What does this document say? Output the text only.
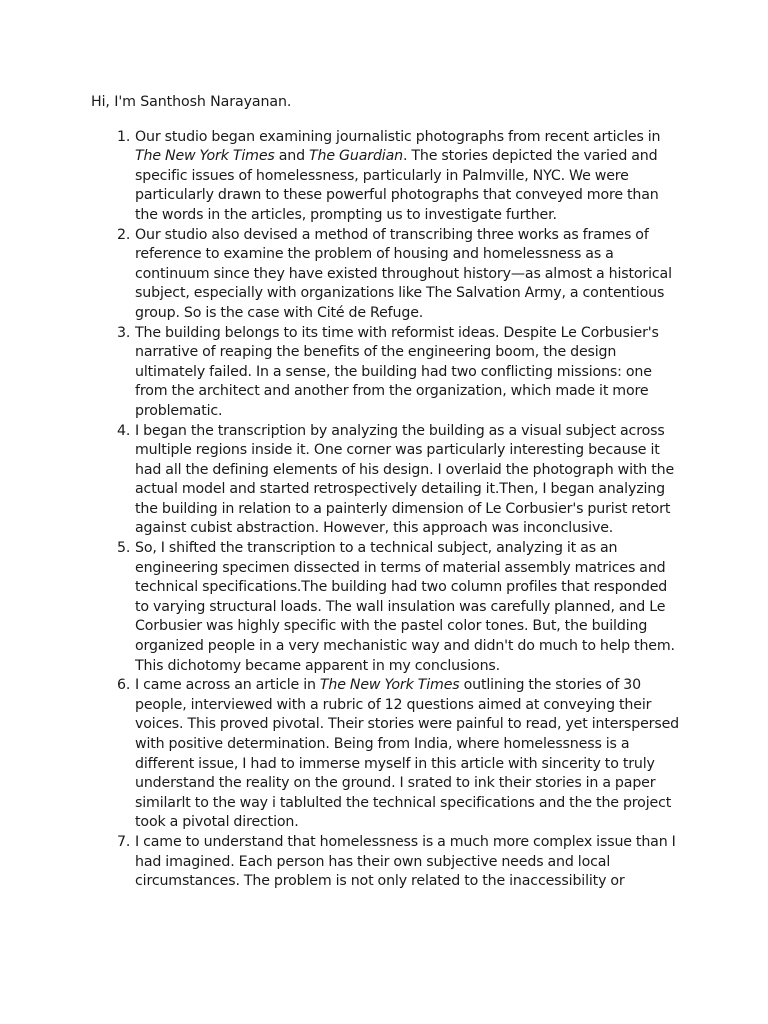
Hi, I'm Santhosh Narayanan.

1. Our studio began examining journalistic photographs from recent articles in The New York Times and The Guardian. The stories depicted the varied and specific issues of homelessness, particularly in Palmville, NYC. We were particularly drawn to these powerful photographs that conveyed more than the words in the articles, prompting us to investigate further.
2. Our studio also devised a method of transcribing three works as frames of reference to examine the problem of housing and homelessness as a continuum since they have existed throughout history—as almost a historical subject, especially with organizations like The Salvation Army, a contentious group. So is the case with Cité de Refuge.
3. The building belongs to its time with reformist ideas. Despite Le Corbusier's narrative of reaping the benefits of the engineering boom, the design ultimately failed. In a sense, the building had two conflicting missions: one from the architect and another from the organization, which made it more problematic.
4. I began the transcription by analyzing the building as a visual subject across multiple regions inside it. One corner was particularly interesting because it had all the defining elements of his design. I overlaid the photograph with the actual model and started retrospectively detailing it.Then, I began analyzing the building in relation to a painterly dimension of Le Corbusier's purist retort against cubist abstraction. However, this approach was inconclusive.
5. So, I shifted the transcription to a technical subject, analyzing it as an engineering specimen dissected in terms of material assembly matrices and technical specifications.The building had two column profiles that responded to varying structural loads. The wall insulation was carefully planned, and Le Corbusier was highly specific with the pastel color tones. But, the building organized people in a very mechanistic way and didn't do much to help them. This dichotomy became apparent in my conclusions.
6. I came across an article in The New York Times outlining the stories of 30 people, interviewed with a rubric of 12 questions aimed at conveying their voices. This proved pivotal. Their stories were painful to read, yet interspersed with positive determination. Being from India, where homelessness is a different issue, I had to immerse myself in this article with sincerity to truly understand the reality on the ground. I srated to ink their stories in a paper similarlt to the way i tablulted the technical specifications and the the project took a pivotal direction.
7. I came to understand that homelessness is a much more complex issue than I had imagined. Each person has their own subjective needs and local circumstances. The problem is not only related to the inaccessibility or
